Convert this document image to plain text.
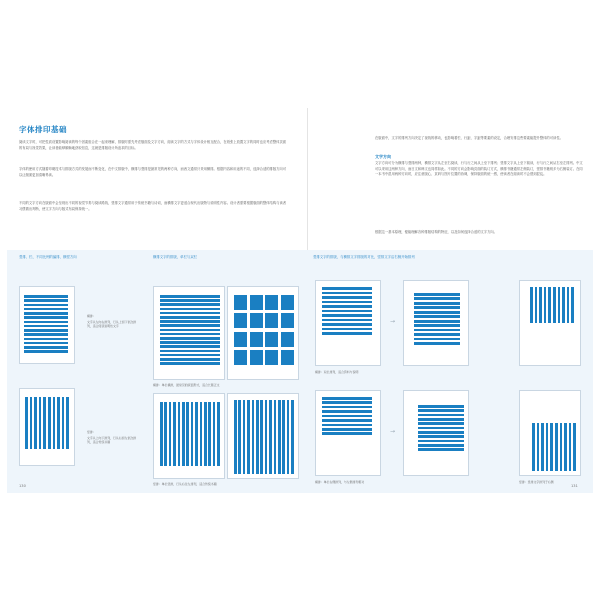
字体排印基础
阅读文字时，可把性质设置影响阅读的每个因素组合在一起来理解，排版时需先考虑版面及文字方向，阅读文字的方式与字体设计相互配合，在纸张上放置文字的同时也应考虑整体页面的布局与视觉效果，让读者能够顺畅地获取信息，这就是排版设计所追求的目标。
字体的使用方式随着印刷技术与排版方式的发展而不断变化，在中文排版中，横排与竖排是最常见的两种方向，而西文通常只采用横排。根据内容和用途的不同，选择合适的排版方向可以让版面更加清晰易读。
不同的文字方向在版面中会呈现出不同的视觉节奏与阅读路线，竖排文字通常用于传统书籍与诗词，而横排文字更适合现代出版物与说明性内容。设计者需要根据版面的整体结构与读者习惯做出判断，使文字方向与版式布局保持统一。
在版面中，文字的排列方向决定了视线的移动，也影响着栏、行距、字距等要素的设定，合理安排这些要素能提升整体的可读性。
文字方向
文字方向可分为横排与竖排两种，横排文字从左至右阅读，行与行之间从上至下排列；竖排文字从上至下阅读，行与行之间从右至左排列。中文可以采用这两种方向，而日文和韩文也同样如此。不同的方向会影响页面的装订方式，横排书籍通常左侧装订，竖排书籍则多为右侧装订。在同一本书中混用两种方向时，应注意版心、页码与图片位置的协调，保持版面的统一感，使读者在阅读时不会感到混乱。
根据这一基本原理，便能理解各种排版结构的特征，以及如何选择合适的文字方向。
竖排、栏、不同比例的编排、横竖方向	横排文字的排版，单栏与双栏	竖排文字的排版，与横排文字排版的对比，竖排文字沿右侧开始排列
横排：
文字从左向右排列，行从上到下依次排列，适合阅读说明性文字
竖排：
文字从上向下排列，行从右到左依次排列，适合传统书籍
横排：单栏横排，最常见的版面形式，适合长篇正文
竖排：单栏竖排，行从右往左排列，适合传统书籍
→
横排：双栏排列，适合资料与说明
→
横排：单栏右侧排列，与左侧排列相对	竖排：竖排文字排列于右侧
130	131
